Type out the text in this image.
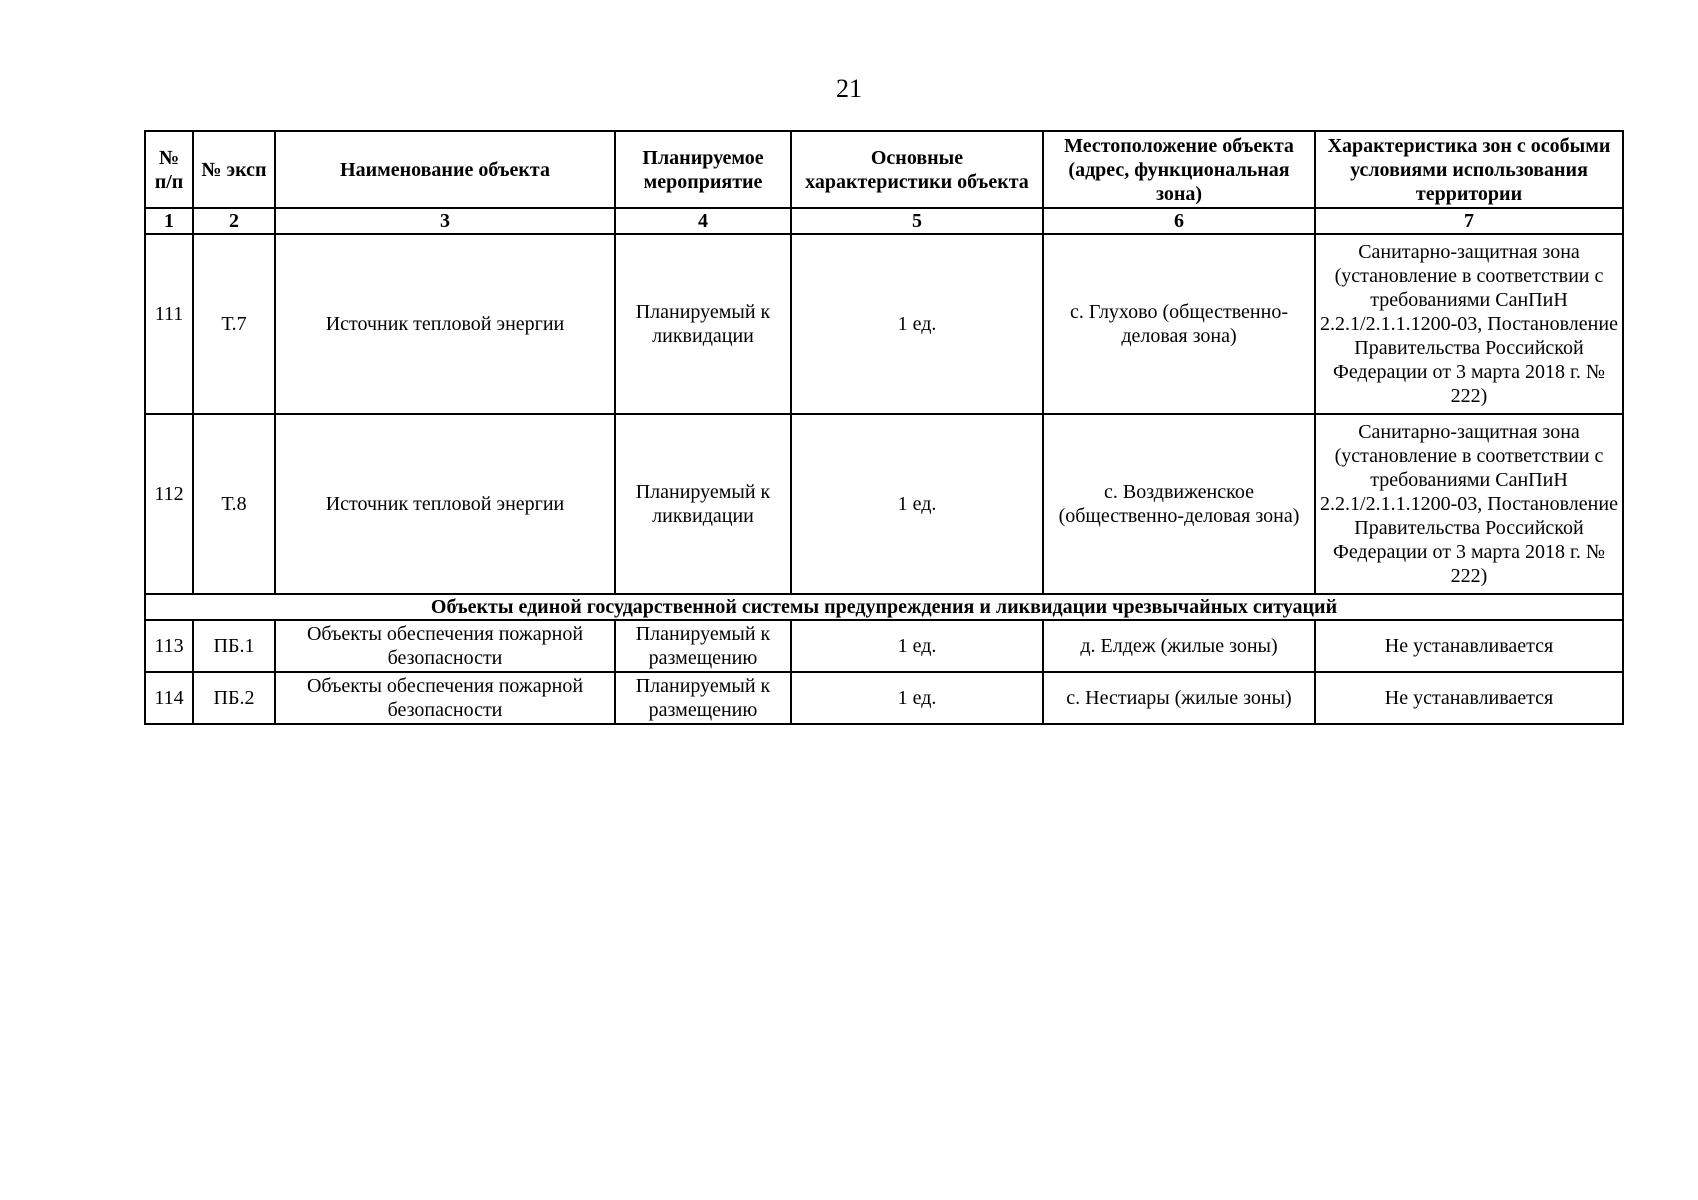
21
№ п/п	№ эксп	Наименование объекта	Планируемое мероприятие	Основные характеристики объекта	Местоположение объекта (адрес, функциональная зона)	Характеристика зон с особыми условиями использования территории
1	2	3	4	5	6	7
111	Т.7	Источник тепловой энергии	Планируемый к ликвидации	1 ед.	с. Глухово (общественно-деловая зона)	Санитарно-защитная зона (установление в соответствии с требованиями СанПиН 2.2.1/2.1.1.1200-03, Постановление Правительства Российской Федерации от 3 марта 2018 г. № 222)
112	Т.8	Источник тепловой энергии	Планируемый к ликвидации	1 ед.	с. Воздвиженское (общественно-деловая зона)	Санитарно-защитная зона (установление в соответствии с требованиями СанПиН 2.2.1/2.1.1.1200-03, Постановление Правительства Российской Федерации от 3 марта 2018 г. № 222)
Объекты единой государственной системы предупреждения и ликвидации чрезвычайных ситуаций						
113	ПБ.1	Объекты обеспечения пожарной безопасности	Планируемый к размещению	1 ед.	д. Елдеж (жилые зоны)	Не устанавливается
114	ПБ.2	Объекты обеспечения пожарной безопасности	Планируемый к размещению	1 ед.	с. Нестиары (жилые зоны)	Не устанавливается
